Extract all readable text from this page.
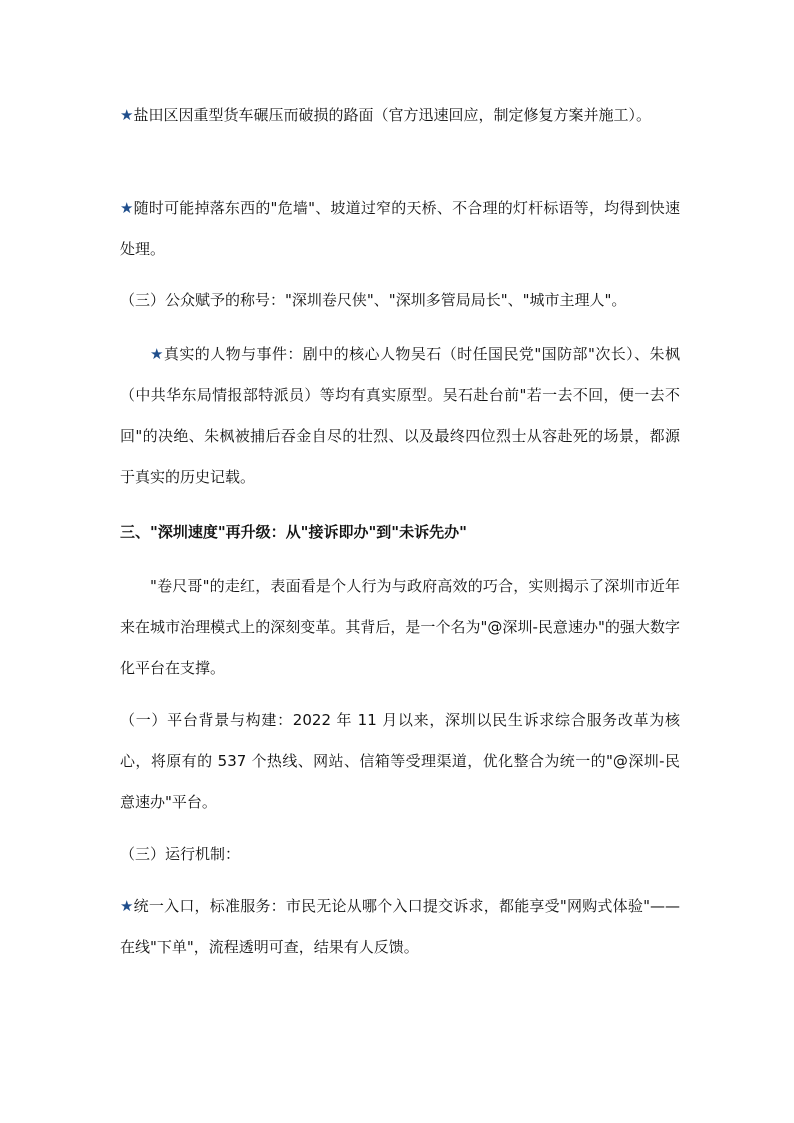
★盐田区因重型货车碾压而破损的路面（官方迅速回应，制定修复方案并施工）。

★随时可能掉落东西的"危墙"、坡道过窄的天桥、不合理的灯杆标语等，均得到快速处理。

（三）公众赋予的称号："深圳卷尺侠"、"深圳多管局局长"、"城市主理人"。

★真实的人物与事件：剧中的核心人物吴石（时任国民党"国防部"次长）、朱枫（中共华东局情报部特派员）等均有真实原型。吴石赴台前"若一去不回，便一去不回"的决绝、朱枫被捕后吞金自尽的壮烈、以及最终四位烈士从容赴死的场景，都源于真实的历史记载。

三、"深圳速度"再升级：从"接诉即办"到"未诉先办"

"卷尺哥"的走红，表面看是个人行为与政府高效的巧合，实则揭示了深圳市近年来在城市治理模式上的深刻变革。其背后，是一个名为"@深圳-民意速办"的强大数字化平台在支撑。

（一）平台背景与构建：2022 年 11 月以来，深圳以民生诉求综合服务改革为核心，将原有的 537 个热线、网站、信箱等受理渠道，优化整合为统一的"@深圳-民意速办"平台。

（三）运行机制：

★统一入口，标准服务：市民无论从哪个入口提交诉求，都能享受"网购式体验"——在线"下单"，流程透明可查，结果有人反馈。
